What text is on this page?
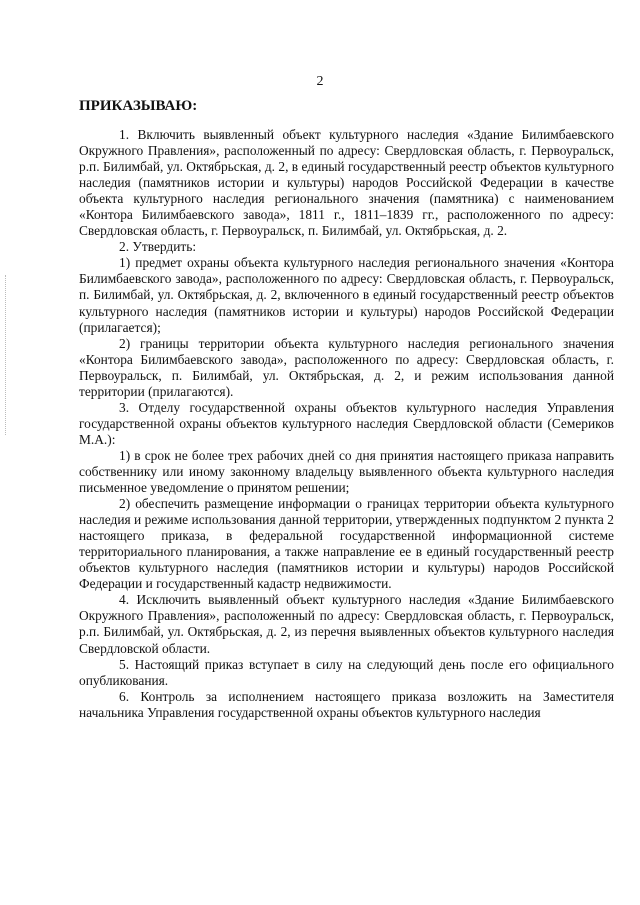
2
ПРИКАЗЫВАЮ:

1. Включить выявленный объект культурного наследия «Здание Билимбаевского Окружного Правления», расположенный по адресу: Свердловская область, г. Первоуральск, р.п. Билимбай, ул. Октябрьская, д. 2, в единый государственный реестр объектов культурного наследия (памятников истории и культуры) народов Российской Федерации в качестве объекта культурного наследия регионального значения (памятника) с наименованием «Контора Билимбаевского завода», 1811 г., 1811–1839 гг., расположенного по адресу: Свердловская область, г. Первоуральск, п. Билимбай, ул. Октябрьская, д. 2.

2. Утвердить:

1) предмет охраны объекта культурного наследия регионального значения «Контора Билимбаевского завода», расположенного по адресу: Свердловская область, г. Первоуральск, п. Билимбай, ул. Октябрьская, д. 2, включенного в единый государственный реестр объектов культурного наследия (памятников истории и культуры) народов Российской Федерации (прилагается);

2) границы территории объекта культурного наследия регионального значения «Контора Билимбаевского завода», расположенного по адресу: Свердловская область, г. Первоуральск, п. Билимбай, ул. Октябрьская, д. 2, и режим использования данной территории (прилагаются).

3. Отделу государственной охраны объектов культурного наследия Управления государственной охраны объектов культурного наследия Свердловской области (Семериков М.А.):

1) в срок не более трех рабочих дней со дня принятия настоящего приказа направить собственнику или иному законному владельцу выявленного объекта культурного наследия письменное уведомление о принятом решении;

2) обеспечить размещение информации о границах территории объекта культурного наследия и режиме использования данной территории, утвержденных подпунктом 2 пункта 2 настоящего приказа, в федеральной государственной информационной системе территориального планирования, а также направление ее в единый государственный реестр объектов культурного наследия (памятников истории и культуры) народов Российской Федерации и государственный кадастр недвижимости.

4. Исключить выявленный объект культурного наследия «Здание Билимбаевского Окружного Правления», расположенный по адресу: Свердловская область, г. Первоуральск, р.п. Билимбай, ул. Октябрьская, д. 2, из перечня выявленных объектов культурного наследия Свердловской области.

5. Настоящий приказ вступает в силу на следующий день после его официального опубликования.

6. Контроль за исполнением настоящего приказа возложить на Заместителя начальника Управления государственной охраны объектов культурного наследия
